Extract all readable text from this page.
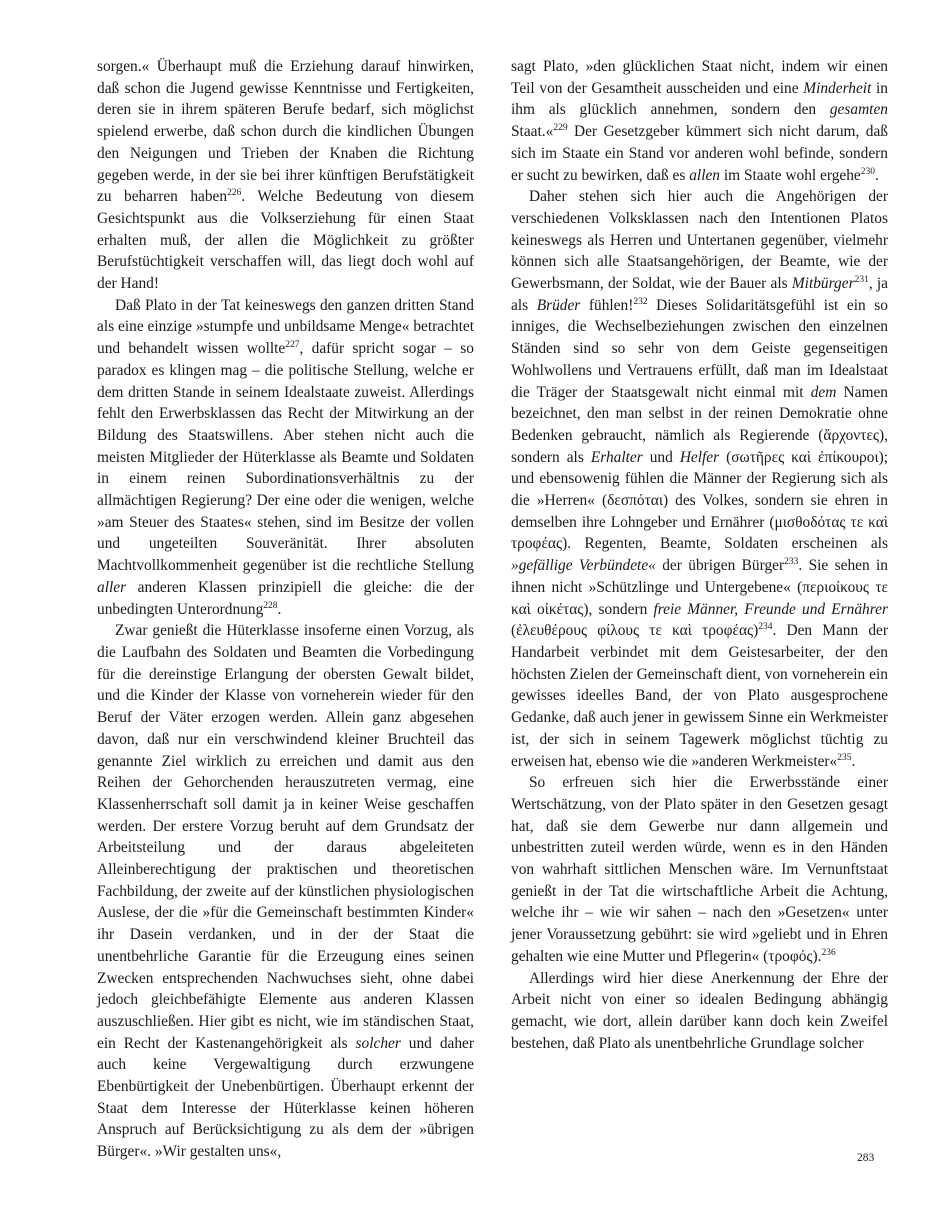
sorgen.« Überhaupt muß die Erziehung darauf hinwirken, daß schon die Jugend gewisse Kenntnisse und Fertigkeiten, deren sie in ihrem späteren Berufe bedarf, sich möglichst spielend erwerbe, daß schon durch die kindlichen Übungen den Neigungen und Trieben der Knaben die Richtung gegeben werde, in der sie bei ihrer künftigen Berufstätigkeit zu beharren haben$^{226}$. Welche Bedeutung von diesem Gesichtspunkt aus die Volkserziehung für einen Staat erhalten muß, der allen die Möglichkeit zu größter Berufstüchtigkeit verschaffen will, das liegt doch wohl auf der Hand!

Daß Plato in der Tat keineswegs den ganzen dritten Stand als eine einzige »stumpfe und unbildsame Menge« betrachtet und behandelt wissen wollte$^{227}$, dafür spricht sogar – so paradox es klingen mag – die politische Stellung, welche er dem dritten Stande in seinem Idealstaate zuweist. Allerdings fehlt den Erwerbsklassen das Recht der Mitwirkung an der Bildung des Staatswillens. Aber stehen nicht auch die meisten Mitglieder der Hüterklasse als Beamte und Soldaten in einem reinen Subordinationsverhältnis zu der allmächtigen Regierung? Der eine oder die wenigen, welche »am Steuer des Staates« stehen, sind im Besitze der vollen und ungeteilten Souveränität. Ihrer absoluten Machtvollkommenheit gegenüber ist die rechtliche Stellung aller anderen Klassen prinzipiell die gleiche: die der unbedingten Unterordnung$^{228}$.

Zwar genießt die Hüterklasse insoferne einen Vorzug, als die Laufbahn des Soldaten und Beamten die Vorbedingung für die dereinstige Erlangung der obersten Gewalt bildet, und die Kinder der Klasse von vorneherein wieder für den Beruf der Väter erzogen werden. Allein ganz abgesehen davon, daß nur ein verschwindend kleiner Bruchteil das genannte Ziel wirklich zu erreichen und damit aus den Reihen der Gehorchenden herauszutreten vermag, eine Klassenherrschaft soll damit ja in keiner Weise geschaffen werden. Der erstere Vorzug beruht auf dem Grundsatz der Arbeitsteilung und der daraus abgeleiteten Alleinberechtigung der praktischen und theoretischen Fachbildung, der zweite auf der künstlichen physiologischen Auslese, der die »für die Gemeinschaft bestimmten Kinder« ihr Dasein verdanken, und in der der Staat die unentbehrliche Garantie für die Erzeugung eines seinen Zwecken entsprechenden Nachwuchses sieht, ohne dabei jedoch gleichbefähigte Elemente aus anderen Klassen auszuschließen. Hier gibt es nicht, wie im ständischen Staat, ein Recht der Kastenangehörigkeit als solcher und daher auch keine Vergewaltigung durch erzwungene Ebenbürtigkeit der Unebenbürtigen. Überhaupt erkennt der Staat dem Interesse der Hüterklasse keinen höheren Anspruch auf Berücksichtigung zu als dem der »übrigen Bürger«. »Wir gestalten uns«,

sagt Plato, »den glücklichen Staat nicht, indem wir einen Teil von der Gesamtheit ausscheiden und eine Minderheit in ihm als glücklich annehmen, sondern den gesamten Staat.«$^{229}$ Der Gesetzgeber kümmert sich nicht darum, daß sich im Staate ein Stand vor anderen wohl befinde, sondern er sucht zu bewirken, daß es allen im Staate wohl ergehe$^{230}$.

Daher stehen sich hier auch die Angehörigen der verschiedenen Volksklassen nach den Intentionen Platos keineswegs als Herren und Untertanen gegenüber, vielmehr können sich alle Staatsangehörigen, der Beamte, wie der Gewerbsmann, der Soldat, wie der Bauer als Mitbürger$^{231}$, ja als Brüder fühlen!$^{232}$ Dieses Solidaritätsgefühl ist ein so inniges, die Wechselbeziehungen zwischen den einzelnen Ständen sind so sehr von dem Geiste gegenseitigen Wohlwollens und Vertrauens erfüllt, daß man im Idealstaat die Träger der Staatsgewalt nicht einmal mit dem Namen bezeichnet, den man selbst in der reinen Demokratie ohne Bedenken gebraucht, nämlich als Regierende (ἄρχοντες), sondern als Erhalter und Helfer (σωτῆρες καὶ ἐπίκουροι); und ebensowenig fühlen die Männer der Regierung sich als die »Herren« (δεσπόται) des Volkes, sondern sie ehren in demselben ihre Lohngeber und Ernährer (μισθοδότας τε καὶ τροφέας). Regenten, Beamte, Soldaten erscheinen als »gefällige Verbündete« der übrigen Bürger$^{233}$. Sie sehen in ihnen nicht »Schützlinge und Untergebene« (περιοίκους τε καὶ οἰκέτας), sondern freie Männer, Freunde und Ernährer (ἐλευθέρους φίλους τε καὶ τροφέας)$^{234}$. Den Mann der Handarbeit verbindet mit dem Geistesarbeiter, der den höchsten Zielen der Gemeinschaft dient, von vorneherein ein gewisses ideelles Band, der von Plato ausgesprochene Gedanke, daß auch jener in gewissem Sinne ein Werkmeister ist, der sich in seinem Tagewerk möglichst tüchtig zu erweisen hat, ebenso wie die »anderen Werkmeister«$^{235}$.

So erfreuen sich hier die Erwerbsstände einer Wertschätzung, von der Plato später in den Gesetzen gesagt hat, daß sie dem Gewerbe nur dann allgemein und unbestritten zuteil werden würde, wenn es in den Händen von wahrhaft sittlichen Menschen wäre. Im Vernunftstaat genießt in der Tat die wirtschaftliche Arbeit die Achtung, welche ihr – wie wir sahen – nach den »Gesetzen« unter jener Voraussetzung gebührt: sie wird »geliebt und in Ehren gehalten wie eine Mutter und Pflegerin« (τροφός).$^{236}$

Allerdings wird hier diese Anerkennung der Ehre der Arbeit nicht von einer so idealen Bedingung abhängig gemacht, wie dort, allein darüber kann doch kein Zweifel bestehen, daß Plato als unentbehrliche Grundlage solcher

283
